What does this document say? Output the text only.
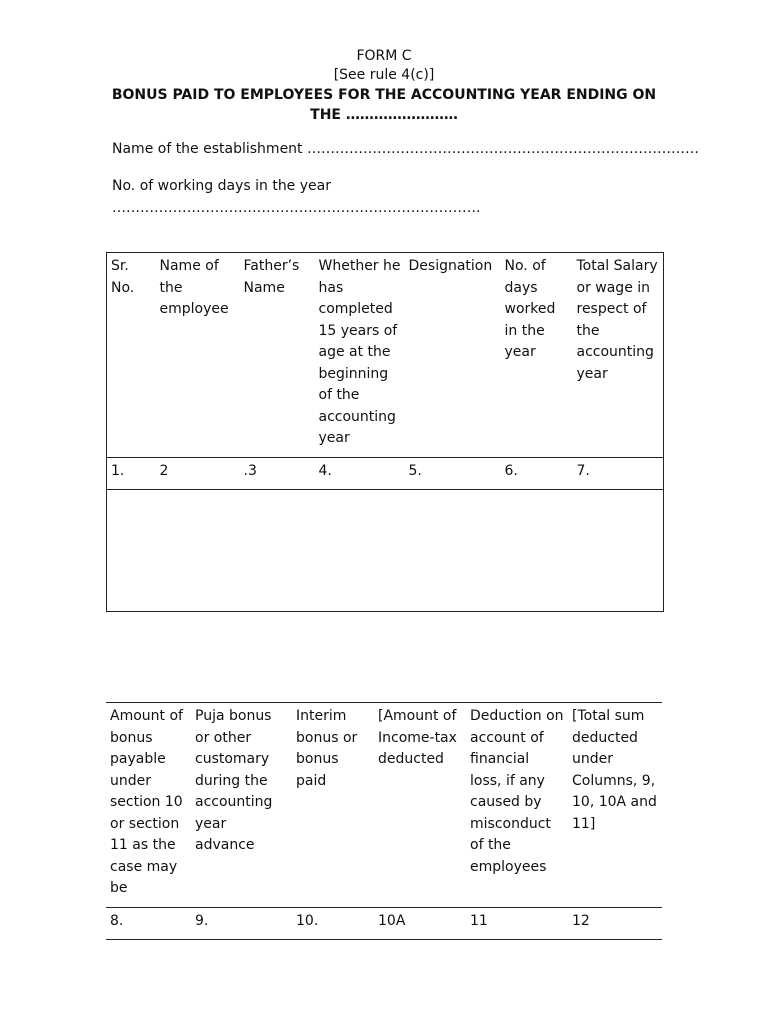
FORM C
[See rule 4(c)]
BONUS PAID TO EMPLOYEES FOR THE ACCOUNTING YEAR ENDING ON
THE ……………………
Name of the establishment …………………………………………………………………………
No. of working days in the year
…………………………………………………………………….
Sr. No.	Name of the employee	Father’s Name	Whether he has completed 15 years of age at the beginning of the accounting year	Designation	No. of days worked in the year	Total Salary or wage in respect of the accounting year
1.	2	.3	4.	5.	6.	7.

Amount of bonus payable under section 10 or section 11 as the case may be	Puja bonus or other customary during the accounting year advance	Interim bonus or bonus paid	[Amount of Income-tax deducted	Deduction on account of financial loss, if any caused by misconduct of the employees	[Total sum deducted under Columns, 9, 10, 10A and 11]
8.	9.	10.	10A	11	12
